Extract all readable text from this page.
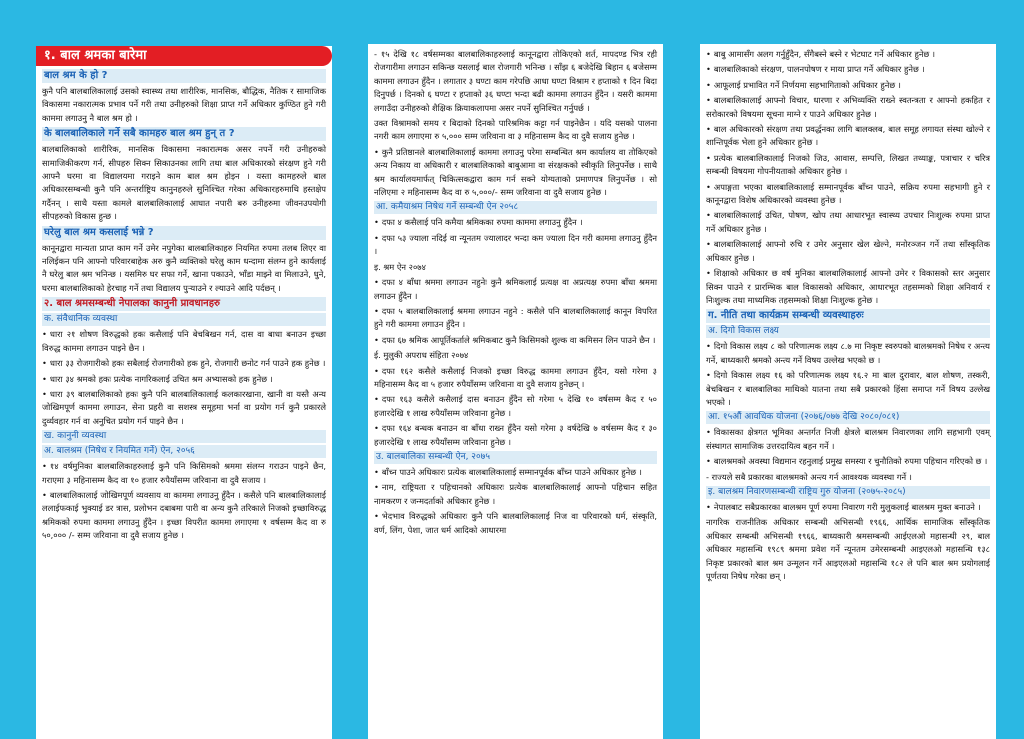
१. बाल श्रमका बारेमा
बाल श्रम के हो ?

कुनै पनि बालबालिकालाई उसको स्वास्थ्य तथा शारीरिक, मानसिक, बौद्धिक, नैतिक र सामाजिक विकासमा नकारात्मक प्रभाव पर्ने गरी तथा उनीहरुको शिक्षा प्राप्त गर्ने अधिकार कुण्ठित हुने गरी काममा लगाउनु नै बाल श्रम हो ।

के बालबालिकाले गर्ने सबै कामहरु बाल श्रम हुन् त ?

बालबालिकाको शारीरिक, मानसिक विकासमा नकारात्मक असर नपर्ने गरी उनीहरुको सामाजिकीकरण गर्न, सीपहरु सिक्न सिकाउनका लागि तथा बाल अधिकारको संरक्षण हुने गरी आफ्नै घरमा वा विद्यालयमा गराइने काम बाल श्रम होइन । यस्ता कामहरुले बाल अधिकारसम्बन्धी कुनै पनि अन्तर्राष्ट्रिय कानुनहरुले सुनिश्चित गरेका अधिकारहरुमाथि हस्तक्षेप गर्दैनन् । साथै यस्ता कामले बालबालिकालाई आघात नपारी बरु उनीहरुमा जीवनउपयोगी सीपहरुको विकास हुन्छ ।

घरेलु बाल श्रम कसलाई भन्ने ?

कानूनद्वारा मान्यता प्राप्त काम गर्ने उमेर नपुगेका बालबालिकाहरु नियमित रुपमा तलब लिएर वा नलिईकन पनि आफ्नो परिवारबाहेक अरु कुनै व्यक्तिको घरेलु काम धन्दामा संलग्न हुने कार्यलाई नै घरेलु बाल श्रम भनिन्छ । यसमिरु घर सफा गर्ने, खाना पकाउने, भाँडा माझ्ने वा मिलाउने, धुने, घरमा बालबालिकाको हेरचाह गर्ने तथा विद्यालय पुऱ्याउने र ल्याउने आदि पर्दछन् ।

२. बाल श्रमसम्बन्धी नेपालका कानुनी प्रावधानहरु
क. संवैधानिक व्यवस्था

• धारा २१ शोषण विरुद्धको हकः कसैलाई पनि बेचबिखन गर्न, दास वा बाधा बनाउन इच्छा विरुद्ध काममा लगाउन पाइने छैन ।

• धारा ३३ रोजगारीको हकः सबैलाई रोजगारीको हक हुने, रोजगारी छनोट गर्न पाउने हक हुनेछ ।

• धारा ३४ श्रमको हकः प्रत्येक नागरिकलाई उचित श्रम अभ्यासको हक हुनेछ ।

• धारा ३९ बालबालिकाको हकः कुनै पनि बालबालिकालाई कलकारखाना, खानी वा यस्तै अन्य जोखिमपूर्ण काममा लगाउन, सेना प्रहरी वा सशस्त्र समूहमा भर्ना वा प्रयोग गर्न कुनै प्रकारले दुर्व्यवहार गर्न वा अनुचित प्रयोग गर्न पाइने छैन ।

ख. कानुनी व्यवस्था
अ. बालश्रम (निषेध र नियमित गर्ने) ऐन, २०५६

• १४ वर्षमुनिका बालबालिकाहरुलाई कुनै पनि किसिमको श्रममा संलग्न गराउन पाइने छैन, गराएमा ३ महिनासम्म कैद वा १० हजार रुपैयाँसम्म जरिवाना वा दुवै सजाय ।

• बालबालिकालाई जोखिमपूर्ण व्यवसाय वा काममा लगाउनु हुँदैन । कसैले पनि बालबालिकालाई ललाईफकाई भुक्याई डर त्रास, प्रलोभन दबाबमा पारी वा अन्य कुनै तरिकाले निजको इच्छाविरुद्ध श्रमिकको रुपमा काममा लगाउनु हुँदैन । इच्छा विपरीत काममा लगाएमा १ वर्षसम्म कैद वा रु ५०,००० /- सम्म जरिवाना वा दुवै सजाय हुनेछ ।

- १५ देखि १८ वर्षसम्मका बालबालिकाहरुलाई कानूनद्वारा तोकिएको शर्त, मापदण्ड भित्र रही रोजगारीमा लगाउन सकिन्छ यसलाई बाल रोजगारी भनिन्छ । साँझ ६ बजेदेखि बिहान ६ बजेसम्म काममा लगाउन हुँदैन । लगातार ३ घण्टा काम गरेपछि आधा घण्टा विश्राम र हप्ताको १ दिन बिदा दिनुपर्छ । दिनको ६ घण्टा र हप्ताको ३६ घण्टा भन्दा बढी काममा लगाउन हुँदैन । यसरी काममा लगाउँदा उनीहरुको शैक्षिक क्रियाकलापमा असर नपर्ने सुनिश्चित गर्नुपर्छ ।

उक्त विश्रामको समय र बिदाको दिनको पारिश्रमिक कट्टा गर्न पाइनेछैन । यदि यसको पालना नगरी काम लगाएमा रु ५,००० सम्म जरिवाना वा ३ महिनासम्म कैद वा दुवै सजाय हुनेछ ।

• कुनै प्रतिष्ठानले बालबालिकालाई काममा लगाउनु परेमा सम्बन्धित श्रम कार्यालय वा तोकिएको अन्य निकाय वा अधिकारी र बालबालिकाको बाबुआमा वा संरक्षकको स्वीकृति लिनुपर्नेछ । साथै श्रम कार्यालयमार्फत् चिकित्सकद्वारा काम गर्न सक्ने योग्यताको प्रमाणपत्र लिनुपर्नेछ । सो नलिएमा २ महिनासम्म कैद वा रु ५,०००/- सम्म जरिवाना वा दुवै सजाय हुनेछ ।

आ. कमैयाश्रम निषेध गर्ने सम्बन्धी ऐन २०५८

• दफा ४ कसैलाई पनि कमैया श्रमिकका रुपमा काममा लगाउनु हुँदैन ।

• दफा ५३ ज्याला नदिई वा न्यूनतम ज्यालादर भन्दा कम ज्याला दिन गरी काममा लगाउनु हुँदैन ।

इ. श्रम ऐन २०७४

• दफा ४ बाँधा श्रममा लगाउन नहुनेः कुनै श्रमिकलाई प्रत्यक्ष वा अप्रत्यक्ष रुपमा बाँधा श्रममा लगाउन हुँदैन ।

• दफा ५ बालबालिकालाई श्रममा लगाउन नहुने : कसैले पनि बालबालिकालाई कानून विपरित हुने गरी काममा लगाउन हुँदैन ।

• दफा ६७ श्रमिक आपूर्तिकर्ताले श्रमिकबाट कुनै किसिमको शुल्क वा कमिसन लिन पाउने छैन ।

ई. मुलुकी अपराध संहिता २०७४

• दफा १६२ कसैले कसैलाई निजको इच्छा विरुद्ध काममा लगाउन हुँदैन, यसो गरेमा ३ महिनासम्म कैद वा ५ हजार रुपैयाँसम्म जरिवाना वा दुवै सजाय हुनेछन् ।

• दफा १६३ कसैले कसैलाई दास बनाउन हुँदैन सो गरेमा ५ देखि १० वर्षसम्म कैद र ५० हजारदेखि १ लाख रुपैयाँसम्म जरिवाना हुनेछ ।

• दफा १६४ बन्धक बनाउन वा बाँधा राख्न हुँदैन यसो गरेमा ३ वर्षदेखि ७ वर्षसम्म कैद र ३० हजारदेखि १ लाख रुपैयाँसम्म जरिवाना हुनेछ ।

उ. बालबालिका सम्बन्धी ऐन, २०७५

• बाँच्न पाउने अधिकारः प्रत्येक बालबालिकालाई सम्मानपूर्वक बाँच्न पाउने अधिकार हुनेछ ।

• नाम, राष्ट्रियता र पहिचानको अधिकारः प्रत्येक बालबालिकालाई आफ्नो पहिचान सहित नामकरण र जन्मदर्ताको अधिकार हुनेछ ।

• भेदभाव विरुद्धको अधिकारः कुनै पनि बालबालिकालाई निज वा परिवारको धर्म, संस्कृति, वर्ण, लिंग, पेशा, जात धर्म आदिको आधारमा

• बाबु आमासँग अलग गर्नुहुँदैन, सँगैबस्ने बस्ने र भेटघाट गर्ने अधिकार हुनेछ ।

• बालबालिकाको संरक्षण, पालनपोषण र माया प्राप्त गर्ने अधिकार हुनेछ ।

• आफूलाई प्रभावित गर्ने निर्णयमा सहभागिताको अधिकार हुनेछ ।

• बालबालिकालाई आफ्नो विचार, धारणा र अभिव्यक्ति राख्ने स्वतन्त्रता र आफ्नो हकहित र सरोकारको विषयमा सूचना माग्ने र पाउने अधिकार हुनेछ ।

• बाल अधिकारको संरक्षण तथा प्रवर्द्धनका लागि बालक्लब, बाल समूह लगायत संस्था खोल्ने र शान्तिपूर्वक भेला हुने अधिकार हुनेछ ।

• प्रत्येक बालबालिकालाई निजको जिउ, आवास, सम्पत्ति, लिखत तथ्याङ्क, पत्राचार र चरित्र सम्बन्धी विषयमा गोपनीयताको अधिकार हुनेछ ।

• अपाङ्गता भएका बालबालिकालाई सम्मानपूर्वक बाँच्न पाउने, सक्रिय रुपमा सहभागी हुने र कानूनद्वारा विशेष अधिकारको व्यवस्था हुनेछ ।

• बालबालिकालाई उचित, पोषण, खोप तथा आधारभूत स्वास्थ्य उपचार निःशुल्क रुपमा प्राप्त गर्ने अधिकार हुनेछ ।

• बालबालिकालाई आफ्नो रुचि र उमेर अनुसार खेल खेल्ने, मनोरञ्जन गर्ने तथा साँस्कृतिक अधिकार हुनेछ ।

• शिक्षाको अधिकार छ वर्ष मुनिका बालबालिकालाई आफ्नो उमेर र विकासको स्तर अनुसार सिक्न पाउने र प्रारम्भिक बाल विकासको अधिकार, आधारभूत तहसम्मको शिक्षा अनिवार्य र निःशुल्क तथा माध्यमिक तहसम्मको शिक्षा निःशुल्क हुनेछ ।

ग. नीति तथा कार्यक्रम सम्बन्धी व्यवस्थाहरुः
अ. दिगो विकास लक्ष्य

• दिगो विकास लक्ष्य ८ को परिणात्मक लक्ष्य ८.७ मा निकृष्ट स्वरुपको बालश्रमको निषेध र अन्त्य गर्ने, बाध्यकारी श्रमको अन्त्य गर्ने विषय उल्लेख भएको छ ।

• दिगो विकास लक्ष्य १६ को परिणात्मक लक्ष्य १६.२ मा बाल दुरावार, बाल शोषण, तस्करी, बेचबिखन र बालबालिका माथिको यातना तथा सबै प्रकारको हिंसा समाप्त गर्ने विषय उल्लेख भएको ।

आ. १५औं आवधिक योजना (२०७६/०७७ देखि २०८०/०८१)

• विकासका क्षेत्रगत भूमिका अन्तर्गत निजी क्षेत्रले बालश्रम निवारणका लागि सहभागी एवम् संस्थागत सामाजिक उत्तरदायित्व बहन गर्ने ।

• बालश्रमको अवस्था विद्यमान रहनुलाई प्रमुख समस्या र चुनौतिको रुपमा पहिचान गरिएको छ ।

- राज्यले सबै प्रकारका बालश्रमको अन्त्य गर्न आवश्यक व्यवस्था गर्ने ।

इ. बालश्रम निवारणसम्बन्धी राष्ट्रिय गुरु योजना (२०७५-२०८५)

• नेपालबाट सबैप्रकारका बालश्रम पूर्ण रुपमा निवारण गरी मुलुकलाई बालश्रम मुक्त बनाउने ।

नागरिक राजनीतिक अधिकार सम्बन्धी अभिसन्धी १९६६, आर्थिक सामाजिक साँस्कृतिक अधिकार सम्बन्धी अभिसन्धी १९६६, बाध्यकारी श्रमसम्बन्धी आईएलओ महासन्धी २९, बाल अधिकार महासन्धि १९८९ श्रममा प्रवेश गर्ने न्यूनतम उमेरसम्बन्धी आइएलओ महासन्धि १३८ निकृष्ट प्रकारको बाल श्रम उन्मूलन गर्ने आइएलओ महासन्धि १८२ ले पनि बाल श्रम प्रयोगलाई पूर्णतया निषेध गरेका छन् ।
